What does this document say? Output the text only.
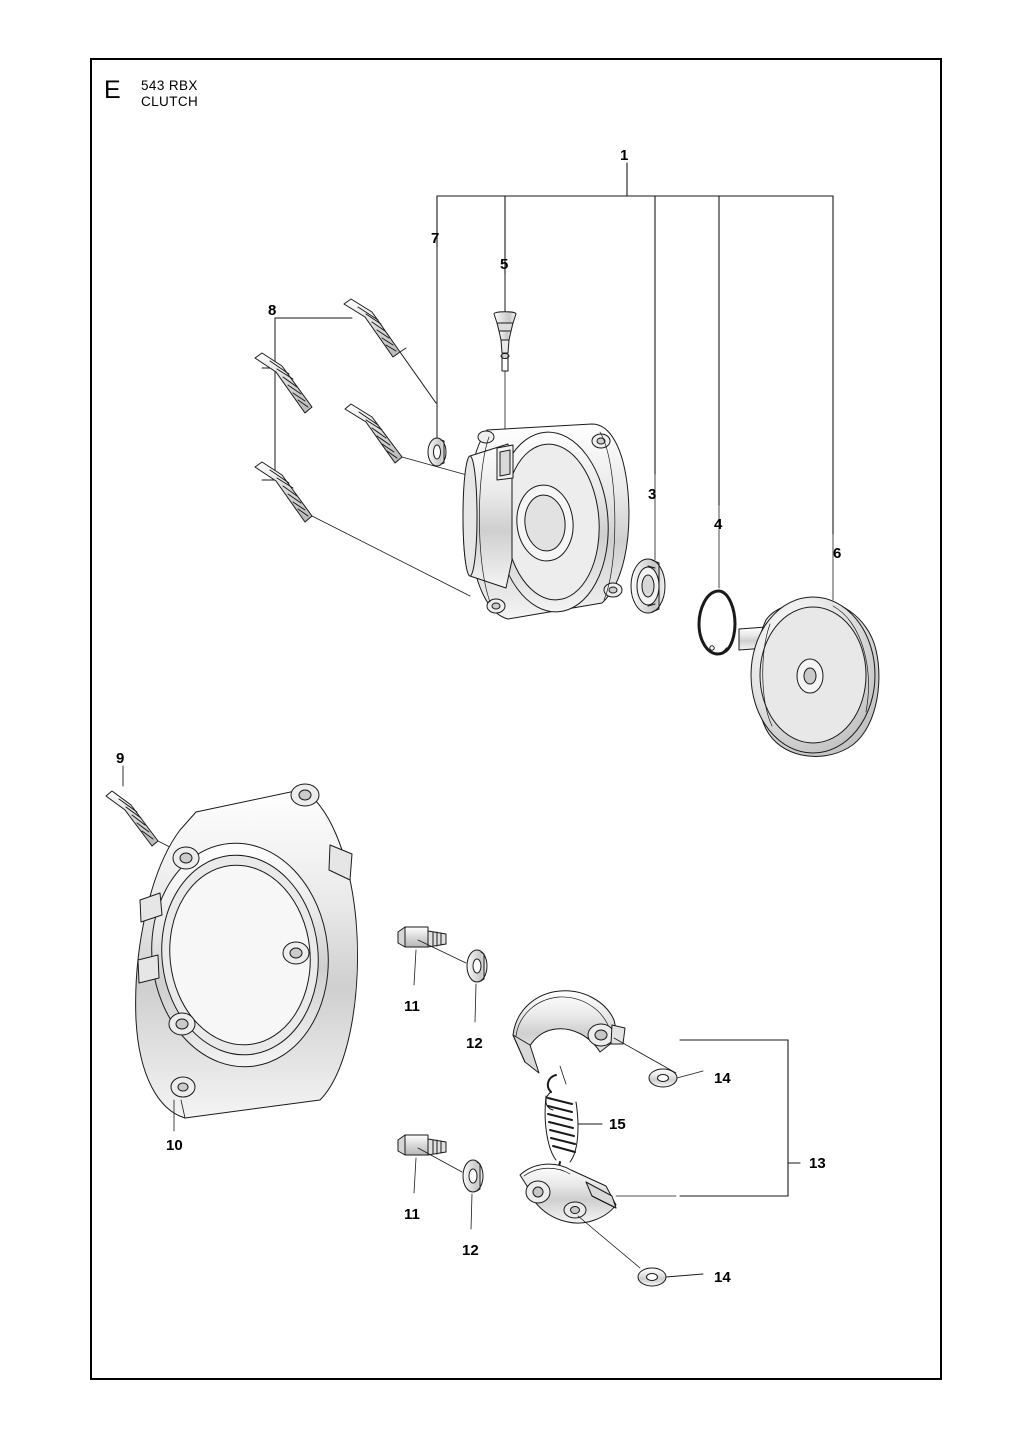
E 543 RBX
CLUTCH
1
7
5
8
3
4
6
9
11
12
14
15
10
13
11
12
14
